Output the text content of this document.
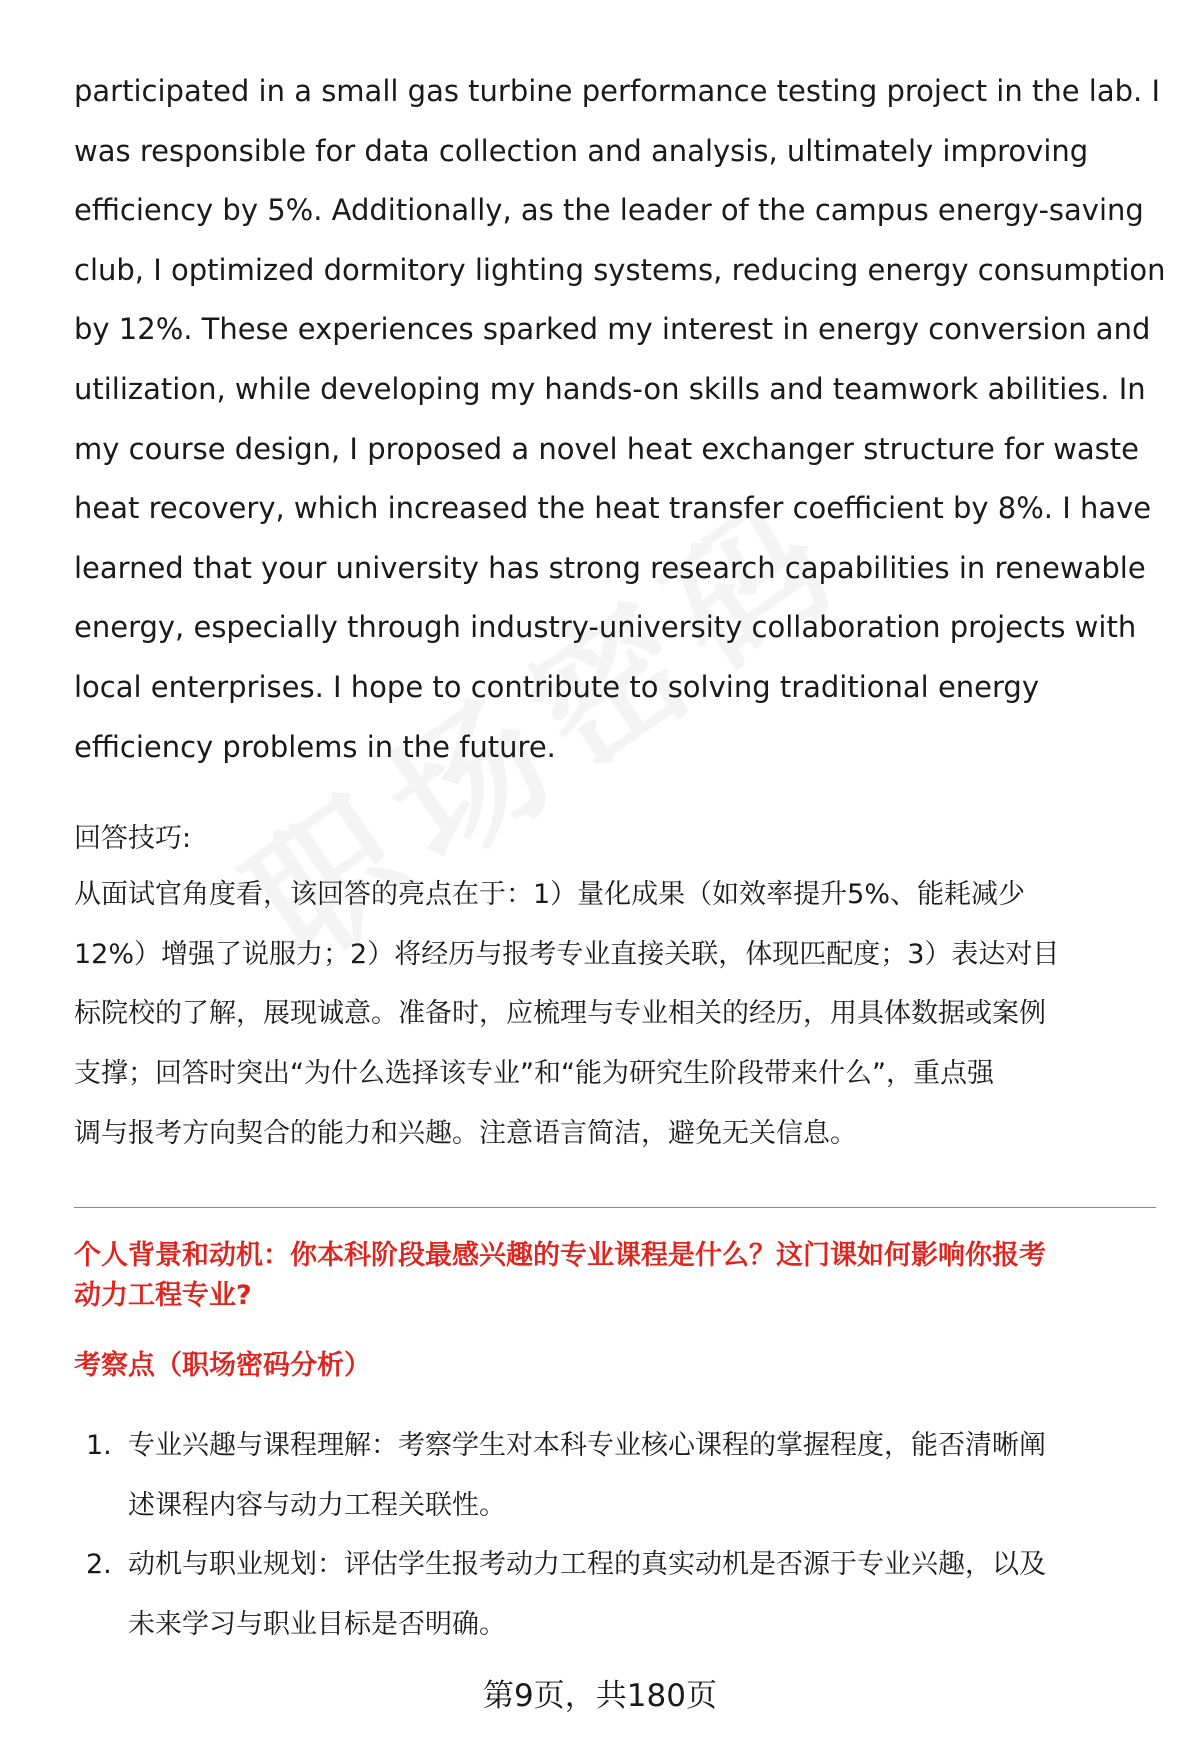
participated in a small gas turbine performance testing project in the lab. I
was responsible for data collection and analysis, ultimately improving
efficiency by 5%. Additionally, as the leader of the campus energy-saving
club, I optimized dormitory lighting systems, reducing energy consumption
by 12%. These experiences sparked my interest in energy conversion and
utilization, while developing my hands-on skills and teamwork abilities. In
my course design, I proposed a novel heat exchanger structure for waste
heat recovery, which increased the heat transfer coefficient by 8%. I have
learned that your university has strong research capabilities in renewable
energy, especially through industry-university collaboration projects with
local enterprises. I hope to contribute to solving traditional energy
efficiency problems in the future.
回答技巧:
从面试官角度看，该回答的亮点在于：1）量化成果（如效率提升5%、能耗减少
12%）增强了说服力；2）将经历与报考专业直接关联，体现匹配度；3）表达对目
标院校的了解，展现诚意。准备时，应梳理与专业相关的经历，用具体数据或案例
支撑；回答时突出“为什么选择该专业”和“能为研究生阶段带来什么”，重点强
调与报考方向契合的能力和兴趣。注意语言简洁，避免无关信息。
个人背景和动机：你本科阶段最感兴趣的专业课程是什么？这门课如何影响你报考
动力工程专业?
考察点（职场密码分析）
1. 专业兴趣与课程理解：考察学生对本科专业核心课程的掌握程度，能否清晰阐
述课程内容与动力工程关联性。
2. 动机与职业规划：评估学生报考动力工程的真实动机是否源于专业兴趣，以及
未来学习与职业目标是否明确。
第9页，共180页
